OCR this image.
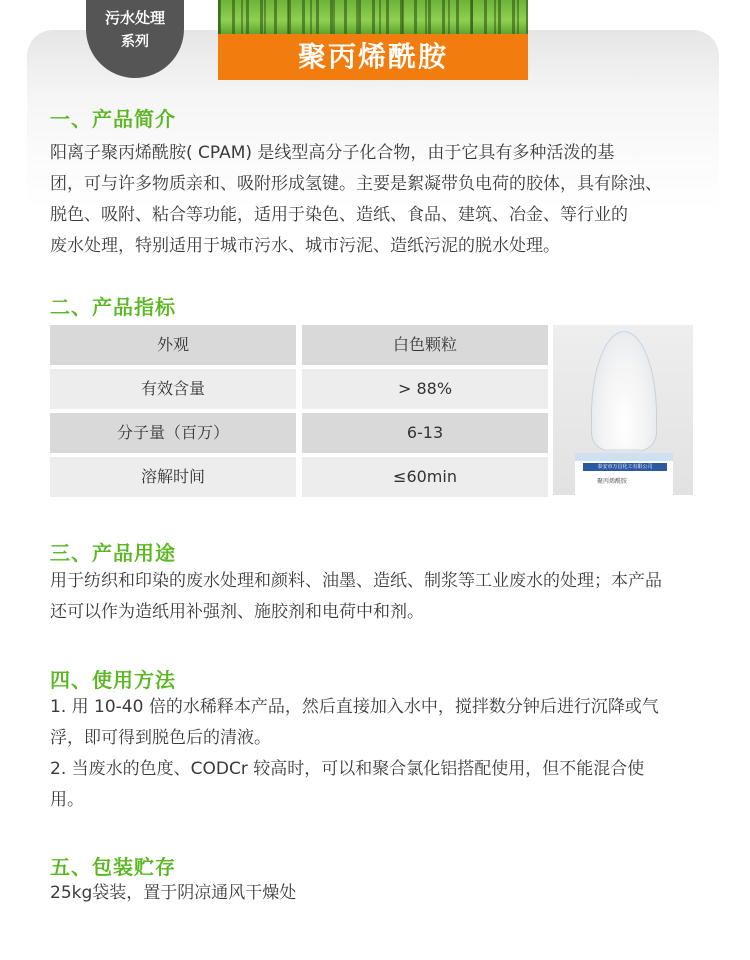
污水处理
系列	聚丙烯酰胺
一、产品简介

阳离子聚丙烯酰胺( CPAM) 是线型高分子化合物，由于它具有多种活泼的基

团，可与许多物质亲和、吸附形成氢键。主要是絮凝带负电荷的胶体，具有除浊、

脱色、吸附、粘合等功能，适用于染色、造纸、食品、建筑、冶金、等行业的

废水处理，特别适用于城市污水、城市污泥、造纸污泥的脱水处理。

二、产品指标
外观	白色颗粒
有效含量	> 88%
分子量（百万）	6-13
溶解时间	≤60min	泰安市万昌化工有限公司
聚丙烯酰胺
三、产品用途

用于纺织和印染的废水处理和颜料、油墨、造纸、制浆等工业废水的处理；本产品

还可以作为造纸用补强剂、施胶剂和电荷中和剂。

四、使用方法

1. 用 10-40 倍的水稀释本产品，然后直接加入水中，搅拌数分钟后进行沉降或气

浮，即可得到脱色后的清液。

2. 当废水的色度、CODCr 较高时，可以和聚合氯化铝搭配使用，但不能混合使

用。

五、包装贮存

25kg袋装，置于阴凉通风干燥处
